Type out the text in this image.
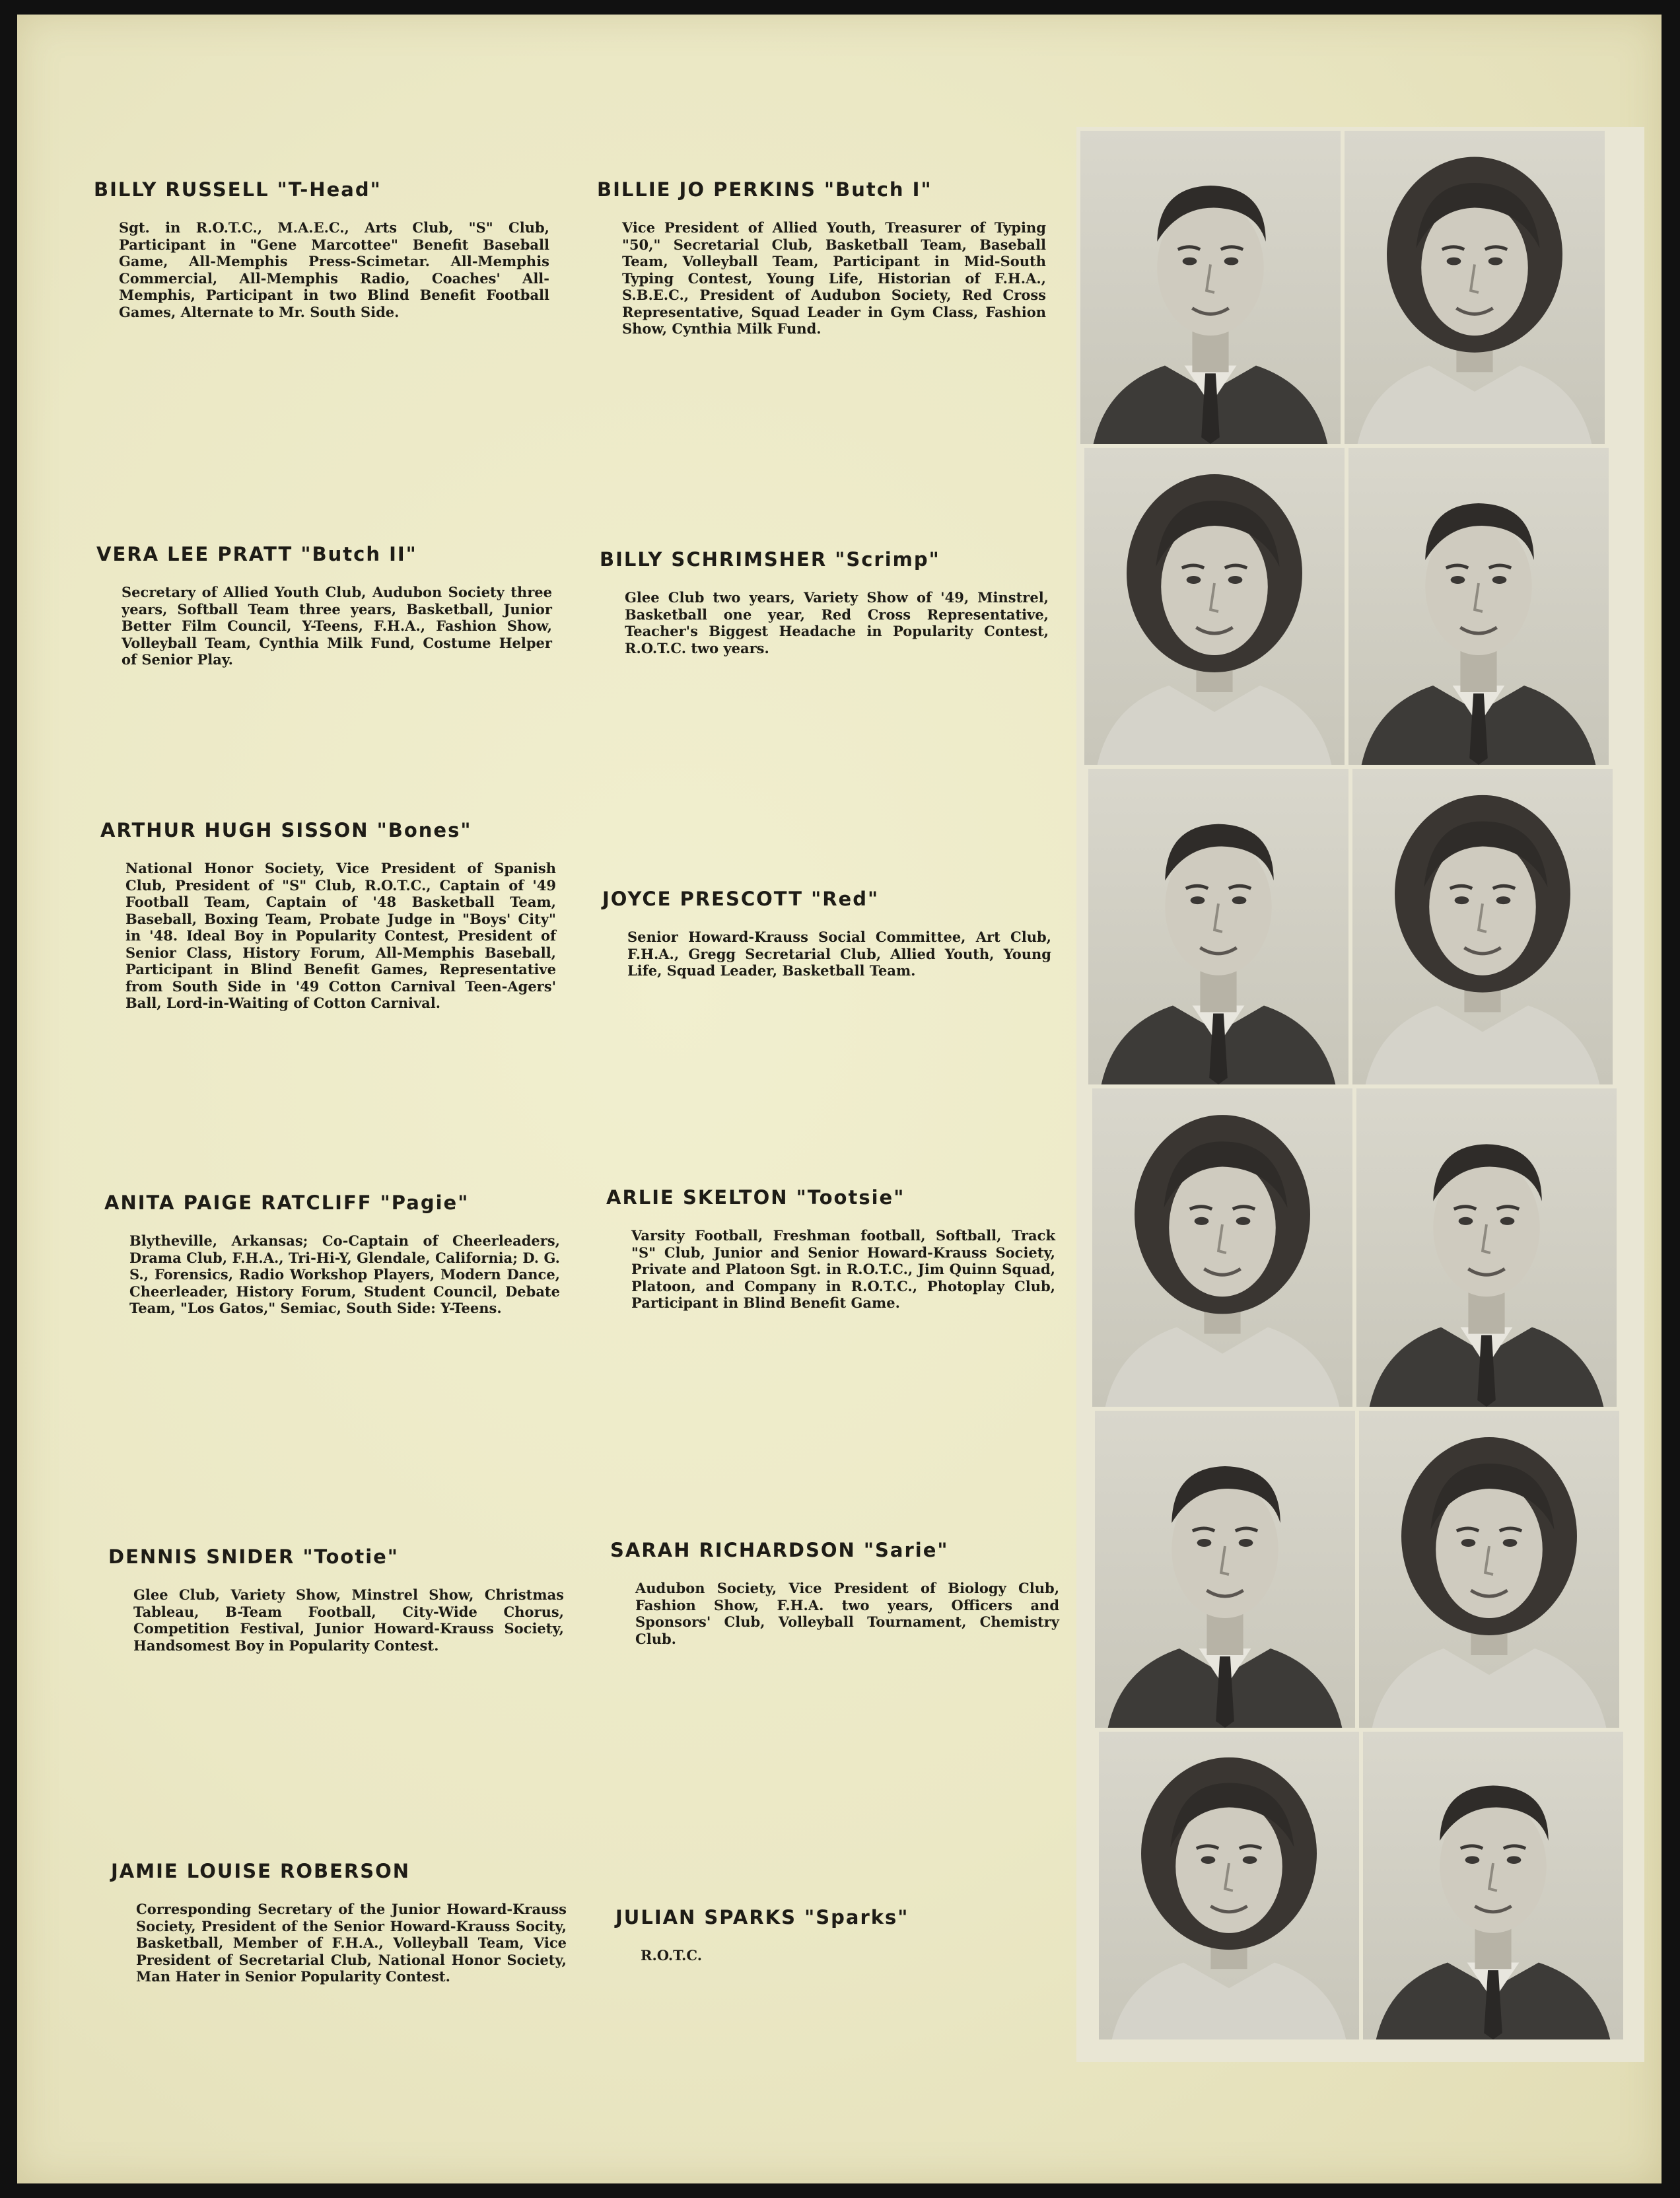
BILLY RUSSELL "T-Head"
Sgt. in R.O.T.C., M.A.E.C., Arts Club, "S" Club, Participant in "Gene Marcottee" Benefit Baseball Game, All-Memphis Press-Scimetar. All-Memphis Commercial, All-Memphis Radio, Coaches' All-Memphis, Participant in two Blind Benefit Football Games, Alternate to Mr. South Side.
VERA LEE PRATT "Butch II"
Secretary of Allied Youth Club, Audubon Society three years, Softball Team three years, Basketball, Junior Better Film Council, Y-Teens, F.H.A., Fashion Show, Volleyball Team, Cynthia Milk Fund, Costume Helper of Senior Play.
ARTHUR HUGH SISSON "Bones"
National Honor Society, Vice President of Spanish Club, President of "S" Club, R.O.T.C., Captain of '49 Football Team, Captain of '48 Basketball Team, Baseball, Boxing Team, Probate Judge in "Boys' City" in '48. Ideal Boy in Popularity Contest, President of Senior Class, History Forum, All-Memphis Baseball, Participant in Blind Benefit Games, Representative from South Side in '49 Cotton Carnival Teen-Agers' Ball, Lord-in-Waiting of Cotton Carnival.
ANITA PAIGE RATCLIFF "Pagie"
Blytheville, Arkansas; Co-Captain of Cheerleaders, Drama Club, F.H.A., Tri-Hi-Y, Glendale, California; D. G. S., Forensics, Radio Workshop Players, Modern Dance, Cheerleader, History Forum, Student Council, Debate Team, "Los Gatos," Semiac, South Side: Y-Teens.
DENNIS SNIDER "Tootie"
Glee Club, Variety Show, Minstrel Show, Christmas Tableau, B-Team Football, City-Wide Chorus, Competition Festival, Junior Howard-Krauss Society, Handsomest Boy in Popularity Contest.
JAMIE LOUISE ROBERSON
Corresponding Secretary of the Junior Howard-Krauss Society, President of the Senior Howard-Krauss Socity, Basketball, Member of F.H.A., Volleyball Team, Vice President of Secretarial Club, National Honor Society, Man Hater in Senior Popularity Contest.
BILLIE JO PERKINS "Butch I"
Vice President of Allied Youth, Treasurer of Typing "50," Secretarial Club, Basketball Team, Baseball Team, Volleyball Team, Participant in Mid-South Typing Contest, Young Life, Historian of F.H.A., S.B.E.C., President of Audubon Society, Red Cross Representative, Squad Leader in Gym Class, Fashion Show, Cynthia Milk Fund.
BILLY SCHRIMSHER "Scrimp"
Glee Club two years, Variety Show of '49, Minstrel, Basketball one year, Red Cross Representative, Teacher's Biggest Headache in Popularity Contest, R.O.T.C. two years.
JOYCE PRESCOTT "Red"
Senior Howard-Krauss Social Committee, Art Club, F.H.A., Gregg Secretarial Club, Allied Youth, Young Life, Squad Leader, Basketball Team.
ARLIE SKELTON "Tootsie"
Varsity Football, Freshman football, Softball, Track "S" Club, Junior and Senior Howard-Krauss Society, Private and Platoon Sgt. in R.O.T.C., Jim Quinn Squad, Platoon, and Company in R.O.T.C., Photoplay Club, Participant in Blind Benefit Game.
SARAH RICHARDSON "Sarie"
Audubon Society, Vice President of Biology Club, Fashion Show, F.H.A. two years, Officers and Sponsors' Club, Volleyball Tournament, Chemistry Club.
JULIAN SPARKS "Sparks"
R.O.T.C.
